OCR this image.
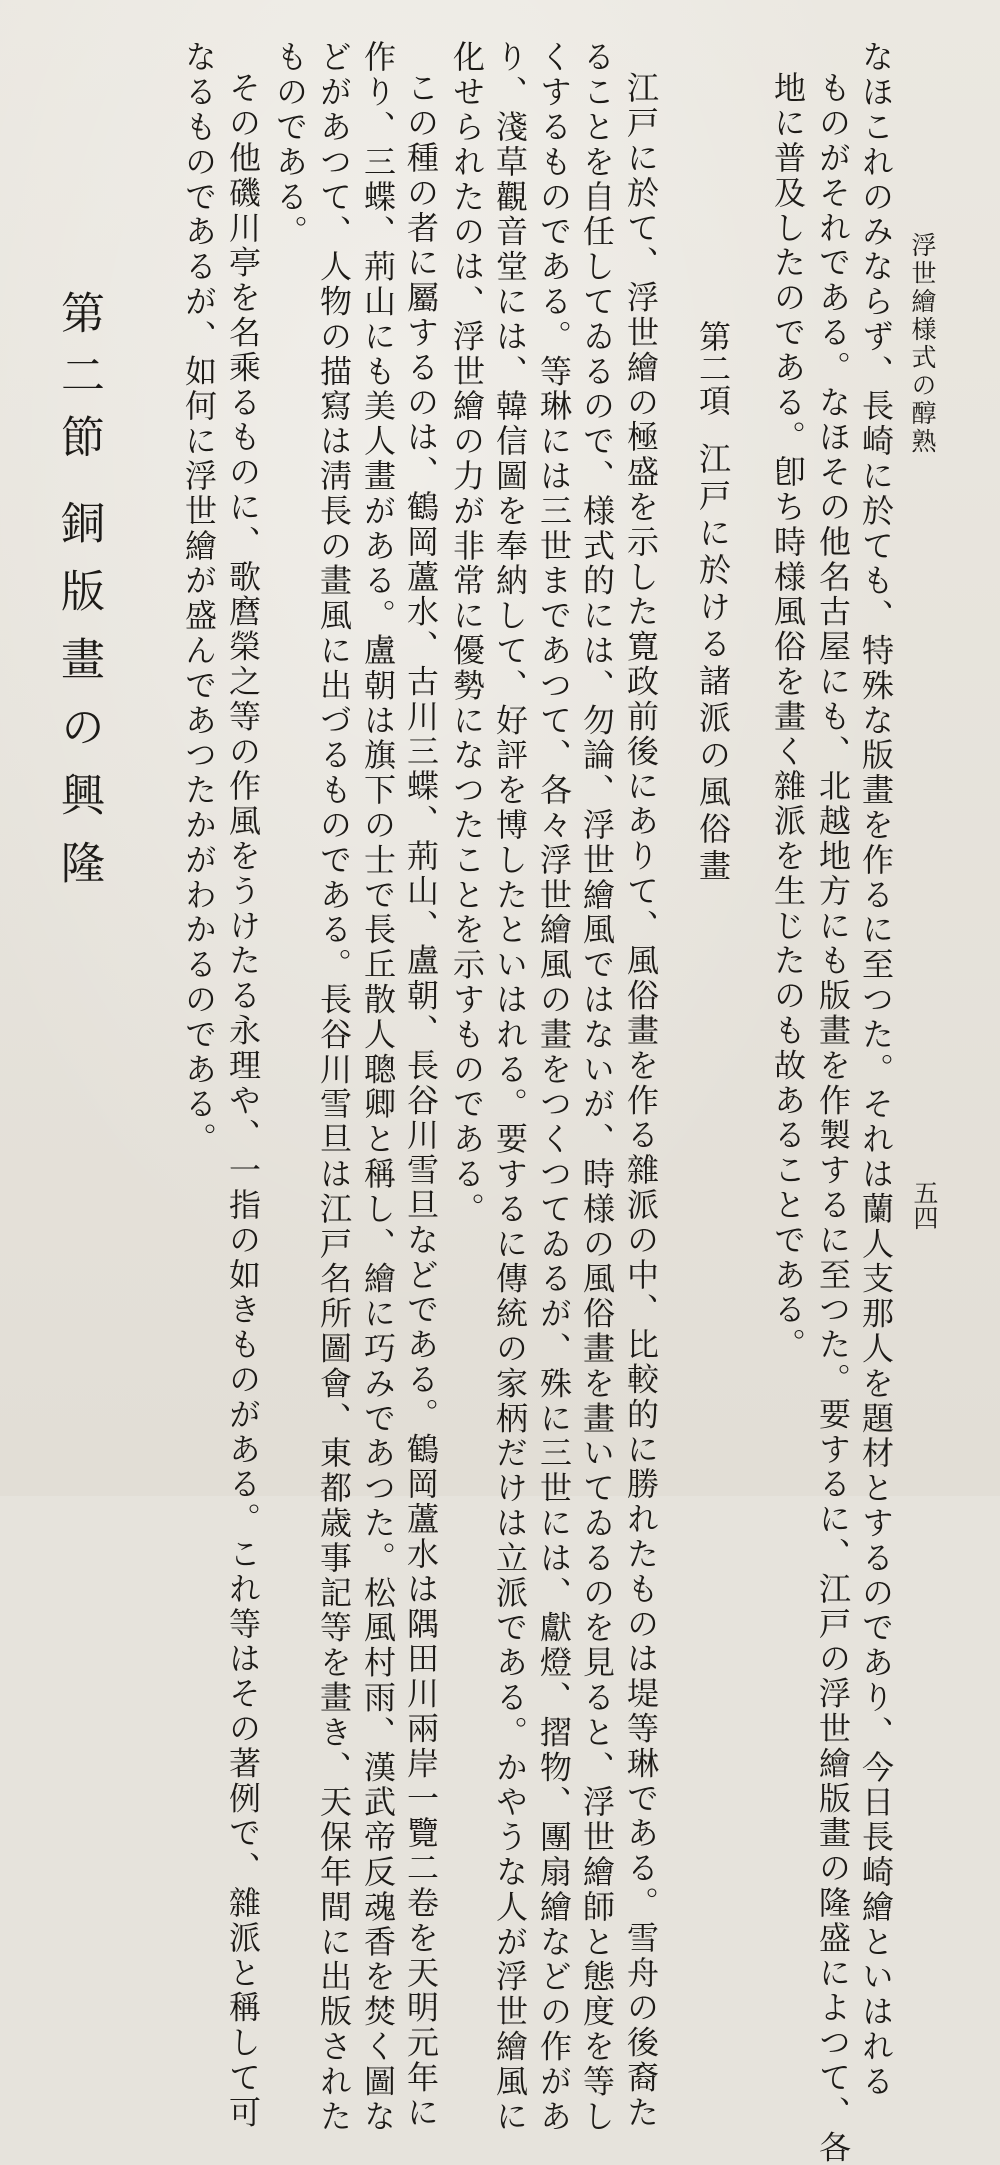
浮世繪様式の醇熟
五四
なほこれのみならず、長崎に於ても、特殊な版畫を作るに至つた。それは蘭人支那人を題材とするのであり、今日長崎繪といはれる
ものがそれである。なほその他名古屋にも、北越地方にも版畫を作製するに至つた。要するに、江戸の浮世繪版畫の隆盛によつて、各
地に普及したのである。卽ち時様風俗を畫く雜派を生じたのも故あることである。
第二項江戸に於ける諸派の風俗畫
江戸に於て、浮世繪の極盛を示した寛政前後にありて、風俗畫を作る雜派の中、比較的に勝れたものは堤等琳である。雪舟の後裔た
ることを自任してゐるので、様式的には、勿論、浮世繪風ではないが、時様の風俗畫を畫いてゐるのを見ると、浮世繪師と態度を等し
くするものである。等琳には三世まであつて、各々浮世繪風の畫をつくつてゐるが、殊に三世には、獻燈、摺物、團扇繪などの作があ
り、淺草觀音堂には、韓信圖を奉納して、好評を博したといはれる。要するに傳統の家柄だけは立派である。かやうな人が浮世繪風に
化せられたのは、浮世繪の力が非常に優勢になつたことを示すものである。
この種の者に屬するのは、鶴岡蘆水、古川三蝶、荊山、盧朝、長谷川雪旦などである。鶴岡蘆水は隅田川兩岸一覽二卷を天明元年に
作り、三蝶、荊山にも美人畫がある。盧朝は旗下の士で長丘散人聰卿と稱し、繪に巧みであつた。松風村雨、漢武帝反魂香を焚く圖な
どがあつて、人物の描寫は淸長の畫風に出づるものである。長谷川雪旦は江戸名所圖會、東都歳事記等を畫き、天保年間に出版された
ものである。
その他磯川亭を名乘るものに、歌麿榮之等の作風をうけたる永理や、一指の如きものがある。これ等はその著例で、雜派と稱して可
なるものであるが、如何に浮世繪が盛んであつたかがわかるのである。
第二節銅版畫の興隆
